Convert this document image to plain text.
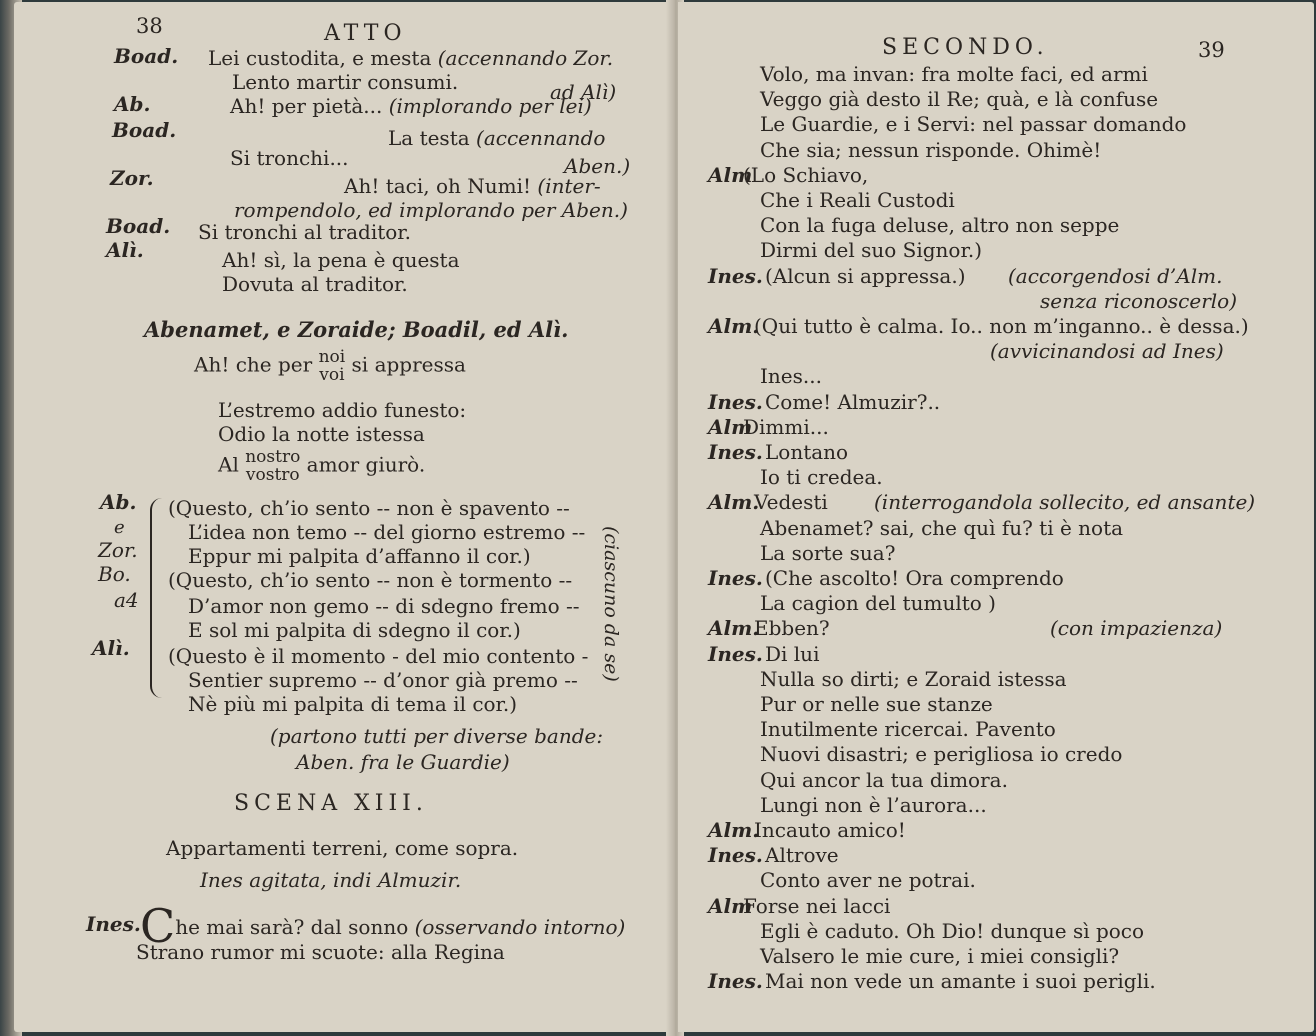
38	ATTO
Boad. Lei custodita, e mesta (accennando Zor.
Lento martir consumi.	ad Alì)
Ab.	Ah! per pietà... (implorando per lei)
Boad.	La testa (accennando
Si tronchi...	Aben.)
Zor.	Ah! taci, oh Numi! (inter-
rompendolo, ed implorando per Aben.)
Boad. Si tronchi al traditor.
Alì.	Ah! sì, la pena è questa
Dovuta al traditor.
Abenamet, e Zoraide; Boadil, ed Alì.
Ah! che per noi
voi si appressa
L’estremo addio funesto:
Odio la notte istessa
Al nostro
vostro amor giurò.
Ab.
e
Zor.
Bo.
a4
Alì.
(Questo, ch’io sento -- non è spavento --
L’idea non temo -- del giorno estremo --
Eppur mi palpita d’affanno il cor.)
(Questo, ch’io sento -- non è tormento --
D’amor non gemo -- di sdegno fremo --
E sol mi palpita di sdegno il cor.)
(Questo è il momento - del mio contento -
Sentier supremo -- d’onor già premo --
Nè più mi palpita di tema il cor.)
(ciascuno da se)
(partono tutti per diverse bande:
Aben. fra le Guardie)
SCENA XIII.
Appartamenti terreni, come sopra.
Ines agitata, indi Almuzir.
Ines. Che mai sarà? dal sonno (osservando intorno)
Strano rumor mi scuote: alla Regina
SECONDO.	39
Volo, ma invan: fra molte faci, ed armi
Veggo già desto il Re; quà, e là confuse
Le Guardie, e i Servi: nel passar domando
Che sia; nessun risponde. Ohimè!
Alm
(Lo Schiavo,
Che i Reali Custodi
Con la fuga deluse, altro non seppe
Dirmi del suo Signor.)
Ines. (Alcun si appressa.) (accorgendosi d’Alm.
senza riconoscerlo)
Alm.
(Qui tutto è calma. Io.. non m’inganno.. è dessa.)
(avvicinandosi ad Ines)
Ines...
Ines. Come! Almuzir?..
Alm
Dimmi...
Ines. Lontano
Io ti credea.
Alm.
Vedesti (interrogandola sollecito, ed ansante)
Abenamet? sai, che quì fu? ti è nota
La sorte sua?
Ines. (Che ascolto! Ora comprendo
La cagion del tumulto )
Alm.
Ebben?	(con impazienza)
Ines. Di lui
Nulla so dirti; e Zoraid istessa
Pur or nelle sue stanze
Inutilmente ricercai. Pavento
Nuovi disastri; e perigliosa io credo
Qui ancor la tua dimora.
Lungi non è l’aurora...
Alm.
Incauto amico!
Ines. Altrove
Conto aver ne potrai.
Alm
Forse nei lacci
Egli è caduto. Oh Dio! dunque sì poco
Valsero le mie cure, i miei consigli?
Ines. Mai non vede un amante i suoi perigli.
